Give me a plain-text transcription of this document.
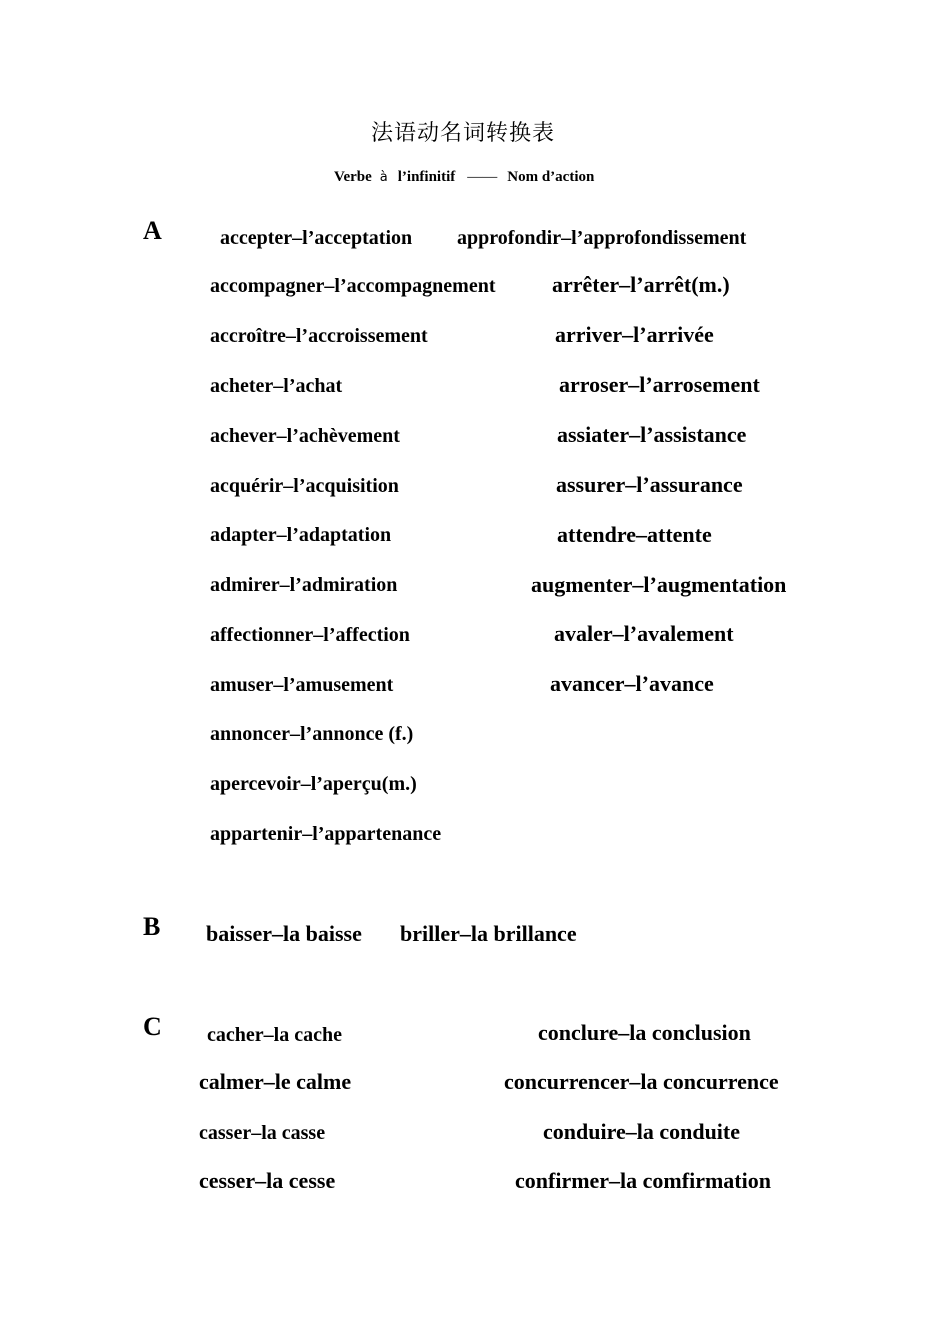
法语动名词转换表
Verbe à l’infinitif —— Nom d’action
A	accepter–l’acceptation
accompagner–l’accompagnement
accroître–l’accroissement
acheter–l’achat
achever–l’achèvement
acquérir–l’acquisition
adapter–l’adaptation
admirer–l’admiration
affectionner–l’affection
amuser–l’amusement
annoncer–l’annonce (f.)
apercevoir–l’aperçu(m.)
appartenir–l’appartenance
approfondir–l’approfondissement
arrêter–l’arrêt(m.)
arriver–l’arrivée
arroser–l’arrosement
assiater–l’assistance
assurer–l’assurance
attendre–attente
augmenter–l’augmentation
avaler–l’avalement
avancer–l’avance
B baisser–la baisse briller–la brillance
C cacher–la cache
calmer–le calme
casser–la casse
cesser–la cesse
conclure–la conclusion
concurrencer–la concurrence
conduire–la conduite
confirmer–la comfirmation
